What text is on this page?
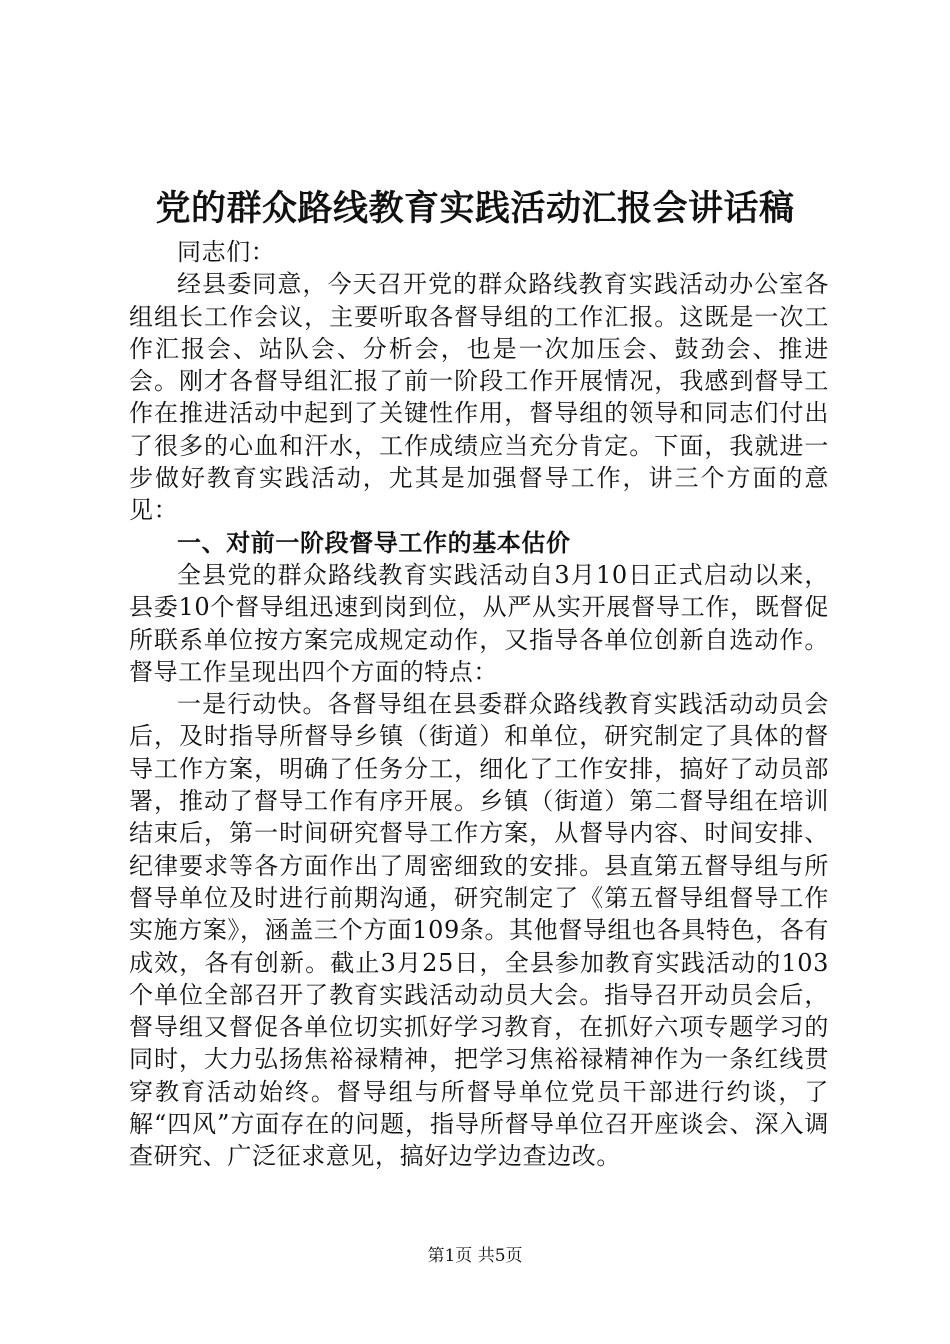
党的群众路线教育实践活动汇报会讲话稿

同志们：

经县委同意，今天召开党的群众路线教育实践活动办公室各组组长工作会议，主要听取各督导组的工作汇报。这既是一次工作汇报会、站队会、分析会，也是一次加压会、鼓劲会、推进会。刚才各督导组汇报了前一阶段工作开展情况，我感到督导工作在推进活动中起到了关键性作用，督导组的领导和同志们付出了很多的心血和汗水，工作成绩应当充分肯定。下面，我就进一步做好教育实践活动，尤其是加强督导工作，讲三个方面的意见：

一、对前一阶段督导工作的基本估价

全县党的群众路线教育实践活动自3月10日正式启动以来，县委10个督导组迅速到岗到位，从严从实开展督导工作，既督促所联系单位按方案完成规定动作，又指导各单位创新自选动作。督导工作呈现出四个方面的特点：

一是行动快。各督导组在县委群众路线教育实践活动动员会后，及时指导所督导乡镇（街道）和单位，研究制定了具体的督导工作方案，明确了任务分工，细化了工作安排，搞好了动员部署，推动了督导工作有序开展。乡镇（街道）第二督导组在培训结束后，第一时间研究督导工作方案，从督导内容、时间安排、纪律要求等各方面作出了周密细致的安排。县直第五督导组与所督导单位及时进行前期沟通，研究制定了《第五督导组督导工作实施方案》，涵盖三个方面109条。其他督导组也各具特色，各有成效，各有创新。截止3月25日，全县参加教育实践活动的103个单位全部召开了教育实践活动动员大会。指导召开动员会后，督导组又督促各单位切实抓好学习教育，在抓好六项专题学习的同时，大力弘扬焦裕禄精神，把学习焦裕禄精神作为一条红线贯穿教育活动始终。督导组与所督导单位党员干部进行约谈，了解“四风”方面存在的问题，指导所督导单位召开座谈会、深入调查研究、广泛征求意见，搞好边学边查边改。

第1页 共5页
